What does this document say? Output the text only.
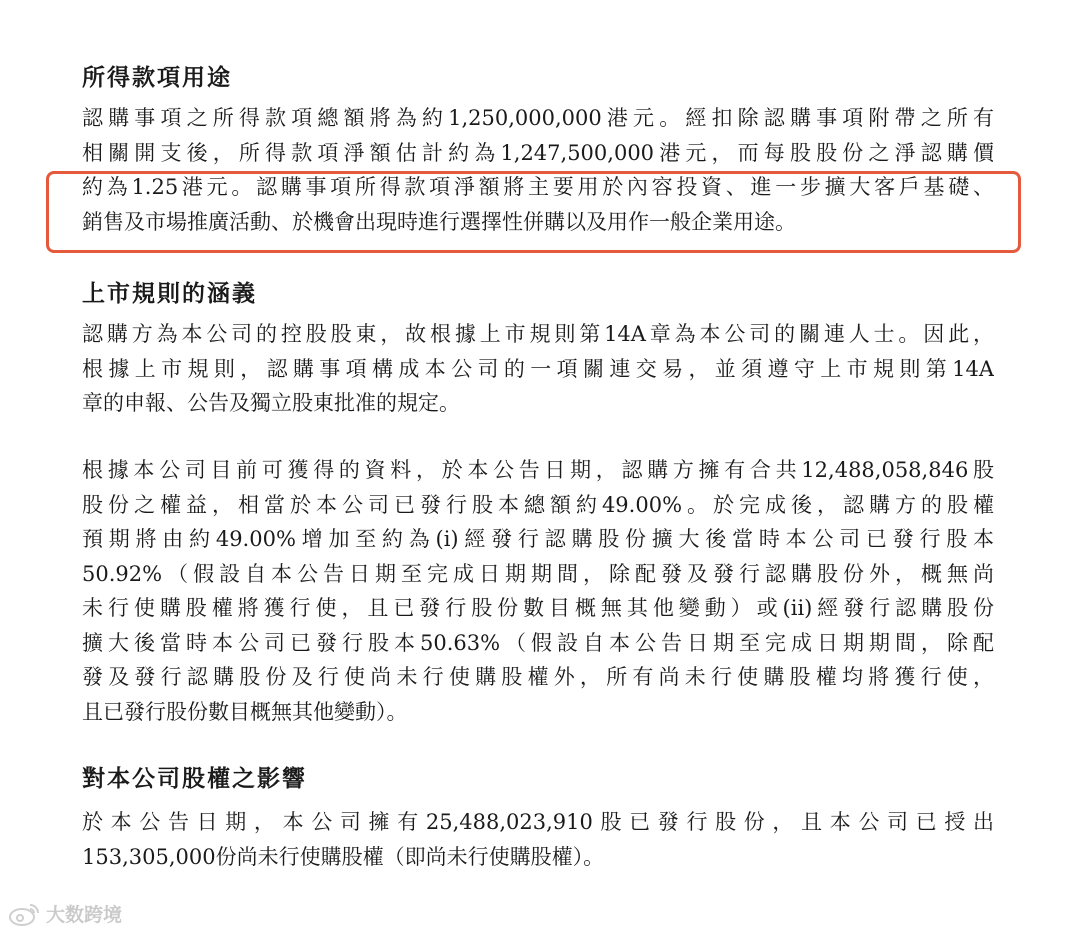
所得款項用途
認購事項之所得款項總額將為約1,250,000,000港元。經扣除認購事項附帶之所有
相關開支後，所得款項淨額估計約為1,247,500,000港元，而每股股份之淨認購價
約為1.25港元。認購事項所得款項淨額將主要用於內容投資、進一步擴大客戶基礎、
銷售及市場推廣活動、於機會出現時進行選擇性併購以及用作一般企業用途。
上市規則的涵義
認購方為本公司的控股股東，故根據上市規則第14A章為本公司的關連人士。因此，
根據上市規則，認購事項構成本公司的一項關連交易，並須遵守上市規則第14A
章的申報、公告及獨立股東批准的規定。
根據本公司目前可獲得的資料，於本公告日期，認購方擁有合共12,488,058,846股
股份之權益，相當於本公司已發行股本總額約49.00%。於完成後，認購方的股權
預期將由約49.00%增加至約為(i)經發行認購股份擴大後當時本公司已發行股本
50.92%（假設自本公告日期至完成日期期間，除配發及發行認購股份外，概無尚
未行使購股權將獲行使，且已發行股份數目概無其他變動）或(ii)經發行認購股份
擴大後當時本公司已發行股本50.63%（假設自本公告日期至完成日期期間，除配
發及發行認購股份及行使尚未行使購股權外，所有尚未行使購股權均將獲行使，
且已發行股份數目概無其他變動）。
對本公司股權之影響
於本公告日期，本公司擁有25,488,023,910股已發行股份，且本公司已授出
153,305,000份尚未行使購股權（即尚未行使購股權）。
大数跨境
